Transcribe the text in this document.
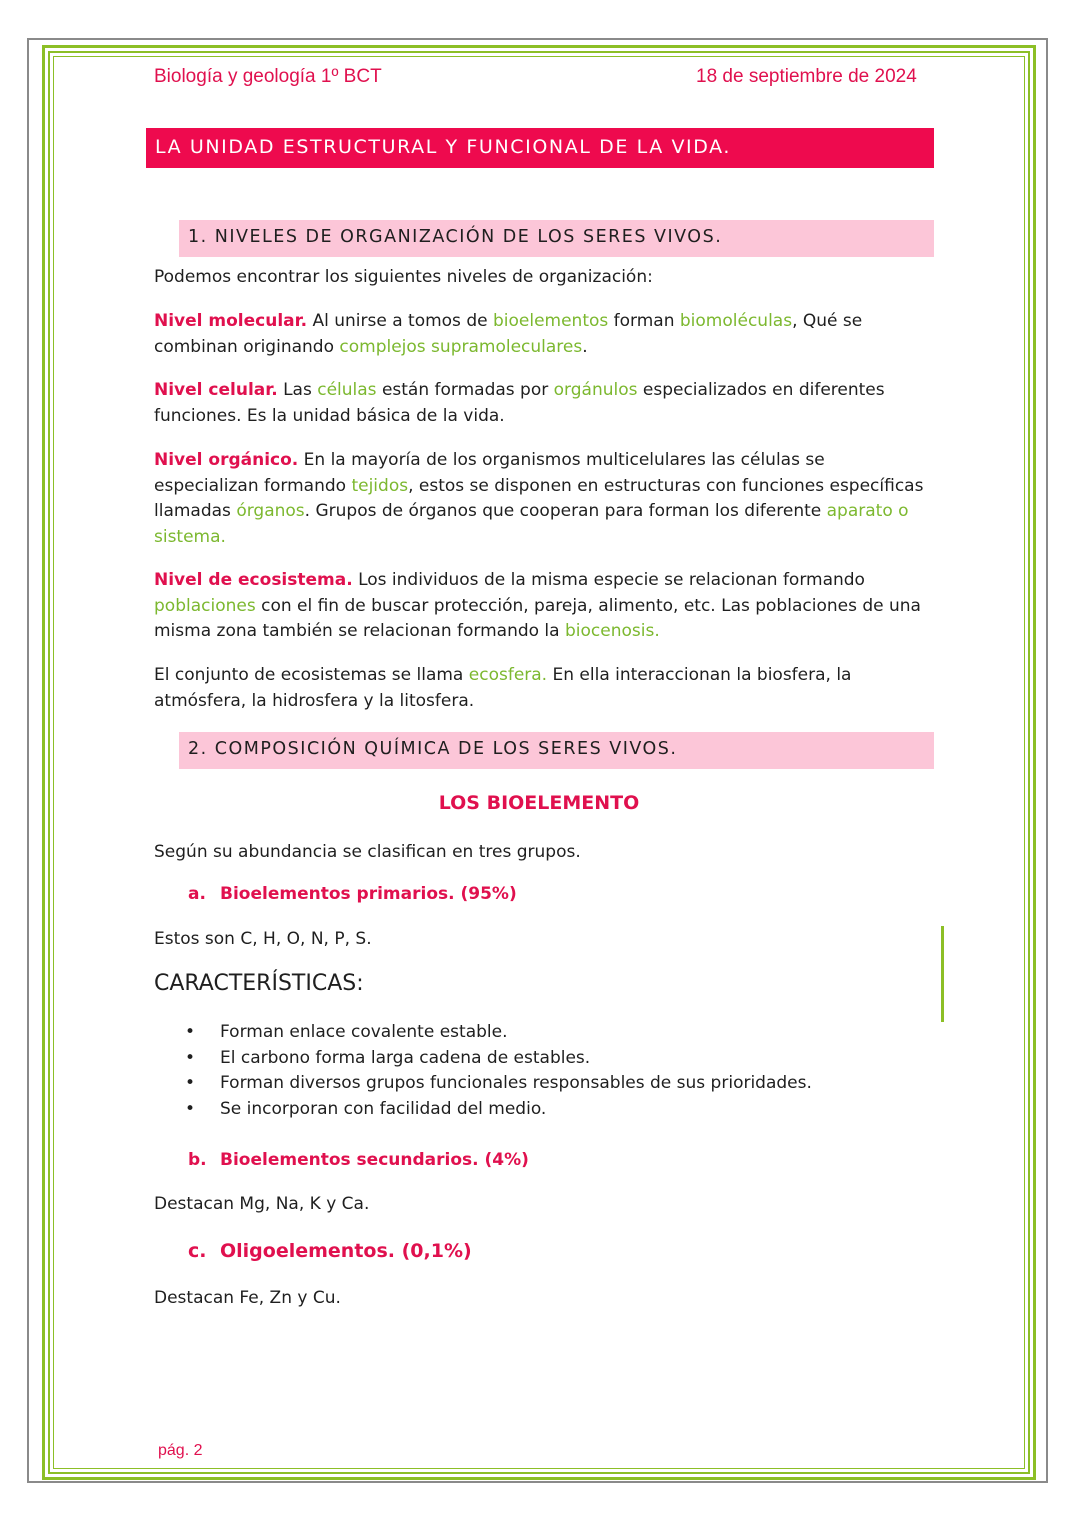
Biología y geología 1º BCT	18 de septiembre de 2024
LA UNIDAD ESTRUCTURAL Y FUNCIONAL DE LA VIDA.
1. NIVELES DE ORGANIZACIÓN DE LOS SERES VIVOS.
Podemos encontrar los siguientes niveles de organización:
Nivel molecular. Al unirse a tomos de bioelementos forman biomoléculas, Qué se combinan originando complejos supramoleculares.
Nivel celular. Las células están formadas por orgánulos especializados en diferentes funciones. Es la unidad básica de la vida.
Nivel orgánico. En la mayoría de los organismos multicelulares las células se especializan formando tejidos, estos se disponen en estructuras con funciones específicas llamadas órganos. Grupos de órganos que cooperan para forman los diferente aparato o sistema.
Nivel de ecosistema. Los individuos de la misma especie se relacionan formando poblaciones con el fin de buscar protección, pareja, alimento, etc. Las poblaciones de una misma zona también se relacionan formando la biocenosis.
El conjunto de ecosistemas se llama ecosfera. En ella interaccionan la biosfera, la atmósfera, la hidrosfera y la litosfera.
2. COMPOSICIÓN QUÍMICA DE LOS SERES VIVOS.
LOS BIOELEMENTO
Según su abundancia se clasifican en tres grupos.
a. Bioelementos primarios. (95%)
Estos son C, H, O, N, P, S.
CARACTERÍSTICAS:
• Forman enlace covalente estable.
• El carbono forma larga cadena de estables.
• Forman diversos grupos funcionales responsables de sus prioridades.
• Se incorporan con facilidad del medio.
b. Bioelementos secundarios. (4%)
Destacan Mg, Na, K y Ca.
c. Oligoelementos. (0,1%)
Destacan Fe, Zn y Cu.
pág. 2
